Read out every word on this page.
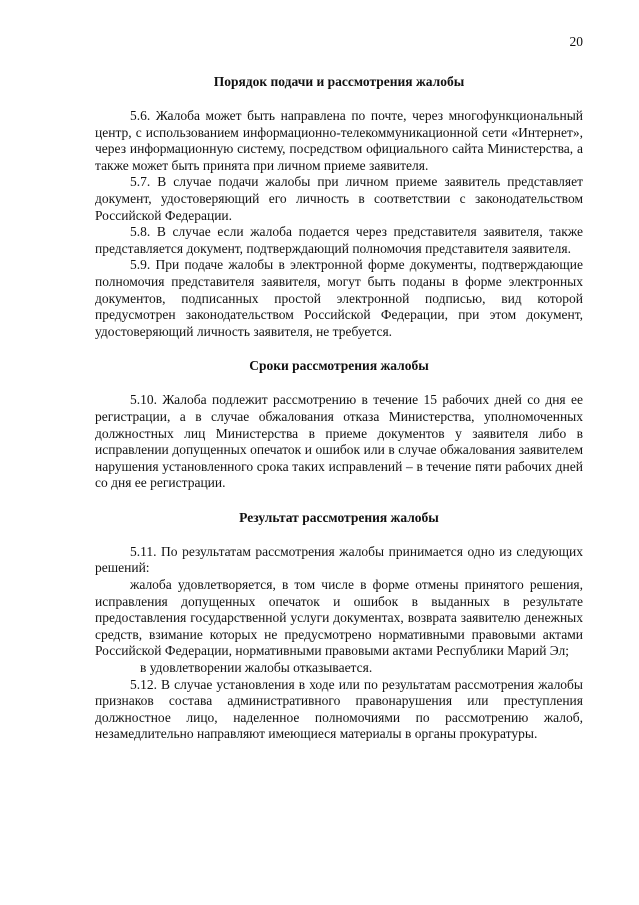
20

Порядок подачи и рассмотрения жалобы

5.6. Жалоба может быть направлена по почте, через многофункциональный центр, с использованием информационно-телекоммуникационной сети «Интернет», через информационную систему, посредством официального сайта Министерства, а также может быть принята при личном приеме заявителя.

5.7. В случае подачи жалобы при личном приеме заявитель представляет документ, удостоверяющий его личность в соответствии с законодательством Российской Федерации.

5.8. В случае если жалоба подается через представителя заявителя, также представляется документ, подтверждающий полномочия представителя заявителя.

5.9. При подаче жалобы в электронной форме документы, подтверждающие полномочия представителя заявителя, могут быть поданы в форме электронных документов, подписанных простой электронной подписью, вид которой предусмотрен законодательством Российской Федерации, при этом документ, удостоверяющий личность заявителя, не требуется.

Сроки рассмотрения жалобы

5.10. Жалоба подлежит рассмотрению в течение 15 рабочих дней со дня ее регистрации, а в случае обжалования отказа Министерства, уполномоченных должностных лиц Министерства в приеме документов у заявителя либо в исправлении допущенных опечаток и ошибок или в случае обжалования заявителем нарушения установленного срока таких исправлений – в течение пяти рабочих дней со дня ее регистрации.

Результат рассмотрения жалобы

5.11. По результатам рассмотрения жалобы принимается одно из следующих решений:

жалоба удовлетворяется, в том числе в форме отмены принятого решения, исправления допущенных опечаток и ошибок в выданных в результате предоставления государственной услуги документах, возврата заявителю денежных средств, взимание которых не предусмотрено нормативными правовыми актами Российской Федерации, нормативными правовыми актами Республики Марий Эл;

в удовлетворении жалобы отказывается.

5.12. В случае установления в ходе или по результатам рассмотрения жалобы признаков состава административного правонарушения или преступления должностное лицо, наделенное полномочиями по рассмотрению жалоб, незамедлительно направляют имеющиеся материалы в органы прокуратуры.
